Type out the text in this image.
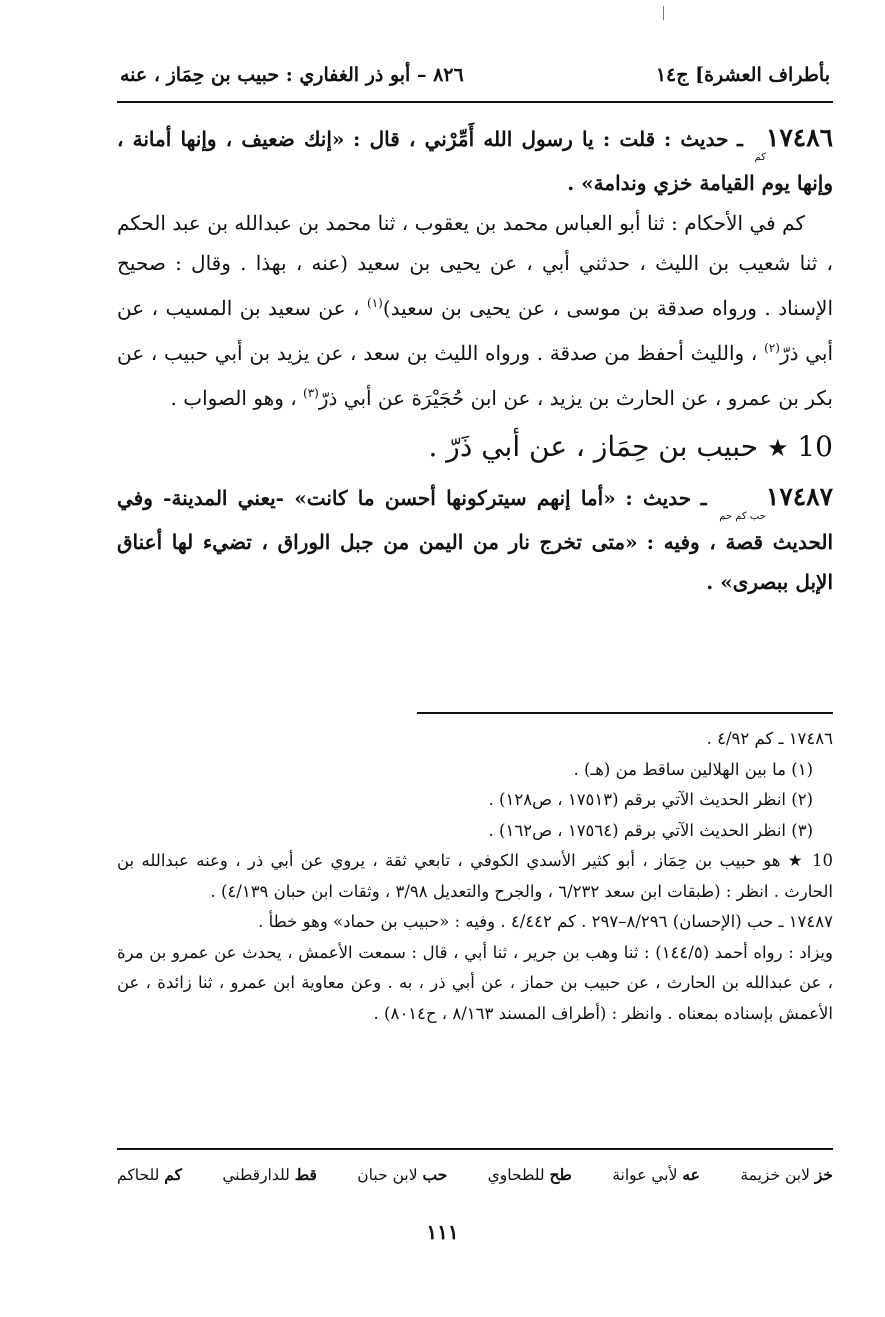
بأطراف العشرة] ج١٤
٨٢٦ – أبو ذر الغفاري : حبيب بن حِمَاز ، عنه

١٧٤٨٦كم ـ حديث : قلت : يا رسول الله أَمِّرْني ، قال : «إنك ضعيف ، وإنها أمانة ، وإنها يوم القيامة خزي وندامة» .

كم في الأحكام : ثنا أبو العباس محمد بن يعقوب ، ثنا محمد بن عبدالله بن عبد الحكم ، ثنا شعيب بن الليث ، حدثني أبي ، عن يحيى بن سعيد (عنه ، بهذا . وقال : صحيح الإسناد . ورواه صدقة بن موسى ، عن يحيى بن سعيد)$^{(١)}$ ، عن سعيد بن المسيب ، عن أبي ذرّ$^{(٢)}$ ، والليث أحفظ من صدقة . ورواه الليث بن سعد ، عن يزيد بن أبي حبيب ، عن بكر بن عمرو ، عن الحارث بن يزيد ، عن ابن حُجَيْرَة عن أبي ذرّ$^{(٣)}$ ، وهو الصواب .

10 ★ حبيب بن حِمَاز ، عن أبي ذَرّ .

١٧٤٨٧حب كم حم ـ حديث : «أما إنهم سيتركونها أحسن ما كانت» -يعني المدينة- وفي الحديث قصة ، وفيه : «متى تخرج نار من اليمن من جبل الوراق ، تضيء لها أعناق الإبل ببصرى» .

١٧٤٨٦ ـ كم ٤/٩٢ .

(١) ما بين الهلالين ساقط من (هـ) .

(٢) انظر الحديث الآتي برقم (١٧٥١٣ ، ص١٢٨) .

(٣) انظر الحديث الآتي برقم (١٧٥٦٤ ، ص١٦٢) .

10 ★ هو حبيب بن حِمَاز ، أبو كثير الأسدي الكوفي ، تابعي ثقة ، يروي عن أبي ذر ، وعنه عبدالله بن الحارث . انظر : (طبقات ابن سعد ٦/٢٣٢ ، والجرح والتعديل ٣/٩٨ ، وثقات ابن حبان ٤/١٣٩) .

١٧٤٨٧ ـ حب (الإحسان) ٨/٢٩٦–٢٩٧ . كم ٤/٤٤٢ . وفيه : «حبيب بن حماد» وهو خطأ .

ويزاد : رواه أحمد (١٤٤/٥) : ثنا وهب بن جرير ، ثنا أبي ، قال : سمعت الأعمش ، يحدث عن عمرو بن مرة ، عن عبدالله بن الحارث ، عن حبيب بن حماز ، عن أبي ذر ، به . وعن معاوية ابن عمرو ، ثنا زائدة ، عن الأعمش بإسناده بمعناه . وانظر : (أطراف المسند ٨/١٦٣ ، ح٨٠١٤) .

خز لابن خزيمة
عه لأبي عوانة
طح للطحاوي
حب لابن حبان
قط للدارقطني
كم للحاكم
١١١
